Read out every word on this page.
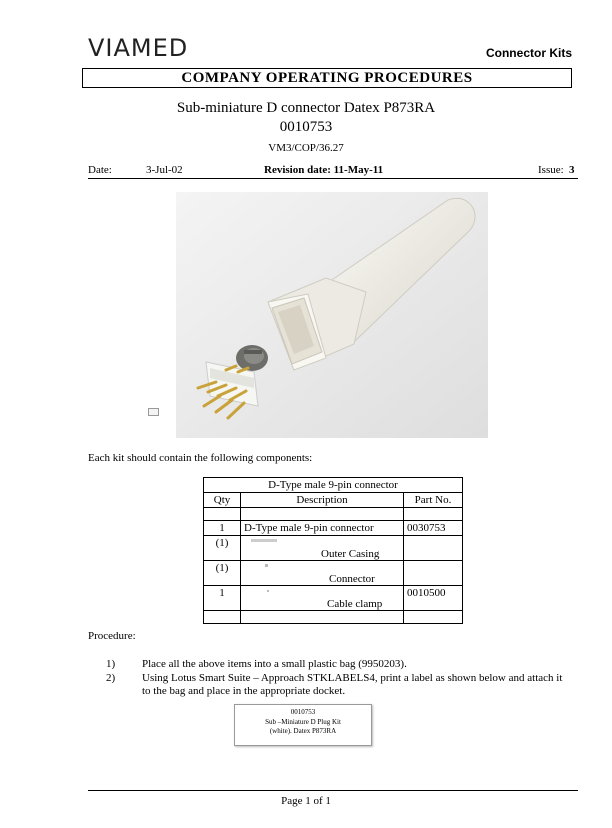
VIAMED	Connector Kits
COMPANY OPERATING PROCEDURES
Sub-miniature D connector Datex P873RA
0010753
VM3/COP/36.27
Date:	3-Jul-02	Revision date: 11-May-11	Issue: 3
Each kit should contain the following components:
D-Type male 9-pin connector		
Qty	Description	Part No.

1	D-Type male 9-pin connector	0030753
(1)	Outer Casing	

(1)	Connector	

1	Cable clamp	0010500

Procedure:
1) Place all the above items into a small plastic bag (9950203).
2) Using Lotus Smart Suite – Approach STKLABELS4, print a label as shown below and attach it to the bag and place in the appropriate docket.
0010753
Sub –Miniature D Plug Kit
(white). Datex P873RA
Page 1 of 1
